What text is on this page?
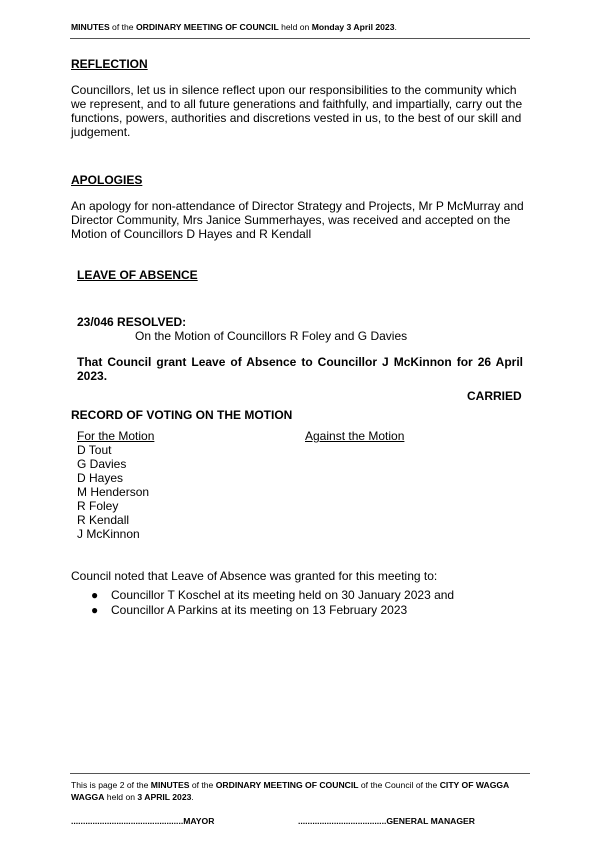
MINUTES of the ORDINARY MEETING OF COUNCIL held on Monday 3 April 2023.
REFLECTION
Councillors, let us in silence reflect upon our responsibilities to the community which we represent, and to all future generations and faithfully, and impartially, carry out the functions, powers, authorities and discretions vested in us, to the best of our skill and judgement.
APOLOGIES
An apology for non-attendance of Director Strategy and Projects, Mr P McMurray and Director Community, Mrs Janice Summerhayes, was received and accepted on the Motion of Councillors D Hayes and R Kendall
LEAVE OF ABSENCE
23/046 RESOLVED:
On the Motion of Councillors R Foley and G Davies
That Council grant Leave of Absence to Councillor J McKinnon for 26 April 2023.
CARRIED
RECORD OF VOTING ON THE MOTION
For the Motion	Against the Motion
D Tout
G Davies
D Hayes
M Henderson
R Foley
R Kendall
J McKinnon
Council noted that Leave of Absence was granted for this meeting to:
● Councillor T Koschel at its meeting held on 30 January 2023 and
● Councillor A Parkins at its meeting on 13 February 2023
This is page 2 of the MINUTES of the ORDINARY MEETING OF COUNCIL of the Council of the CITY OF WAGGA WAGGA held on 3 APRIL 2023.
...............................................MAYOR	.....................................GENERAL MANAGER
